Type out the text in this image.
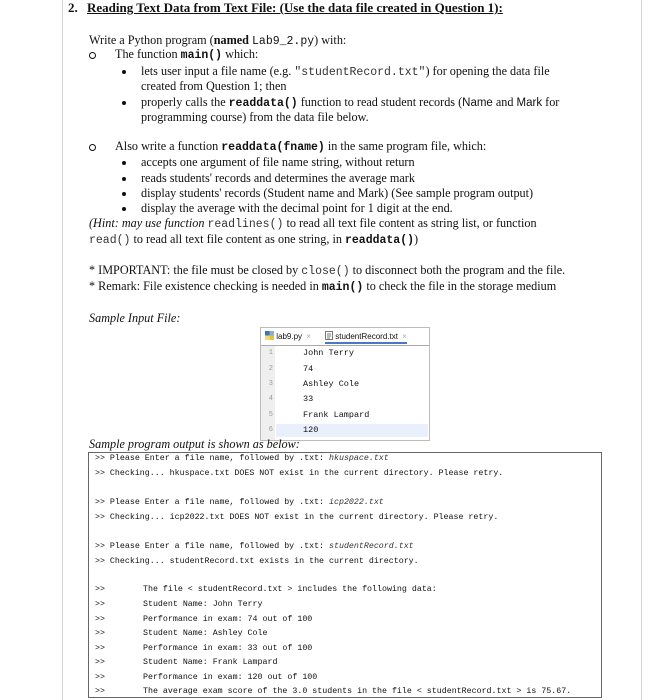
2. Reading Text Data from Text File: (Use the data file created in Question 1):
Write a Python program (named Lab9_2.py) with:
The function main() which:
lets user input a file name (e.g. "studentRecord.txt") for opening the data file
created from Question 1; then
properly calls the readdata() function to read student records (Name and Mark for
programming course) from the data file below.
Also write a function readdata(fname) in the same program file, which:
accepts one argument of file name string, without return
reads students' records and determines the average mark
display students' records (Student name and Mark) (See sample program output)
display the average with the decimal point for 1 digit at the end.
(Hint: may use function readlines() to read all text file content as string list, or function
read() to read all text file content as one string, in readdata())
* IMPORTANT: the file must be closed by close() to disconnect both the program and the file.
* Remark: File existence checking is needed in main() to check the file in the storage medium
Sample Input File:
lab9.py ×	studentRecord.txt ×
1	John Terry
2	74
3	Ashley Cole
4	33
5	Frank Lampard
6	120
Sample program output is shown as below:
>> Please Enter a file name, followed by .txt: hkuspace.txt
>> Checking... hkuspace.txt DOES NOT exist in the current directory. Please retry.
>> Please Enter a file name, followed by .txt: icp2022.txt
>> Checking... icp2022.txt DOES NOT exist in the current directory. Please retry.
>> Please Enter a file name, followed by .txt: studentRecord.txt
>> Checking... studentRecord.txt exists in the current directory.
>>	The file < studentRecord.txt > includes the following data:
>>	Student Name: John Terry
>>	Performance in exam: 74 out of 100
>>	Student Name: Ashley Cole
>>	Performance in exam: 33 out of 100
>>	Student Name: Frank Lampard
>>	Performance in exam: 120 out of 100
>>	The average exam score of the 3.0 students in the file < studentRecord.txt > is 75.67.
